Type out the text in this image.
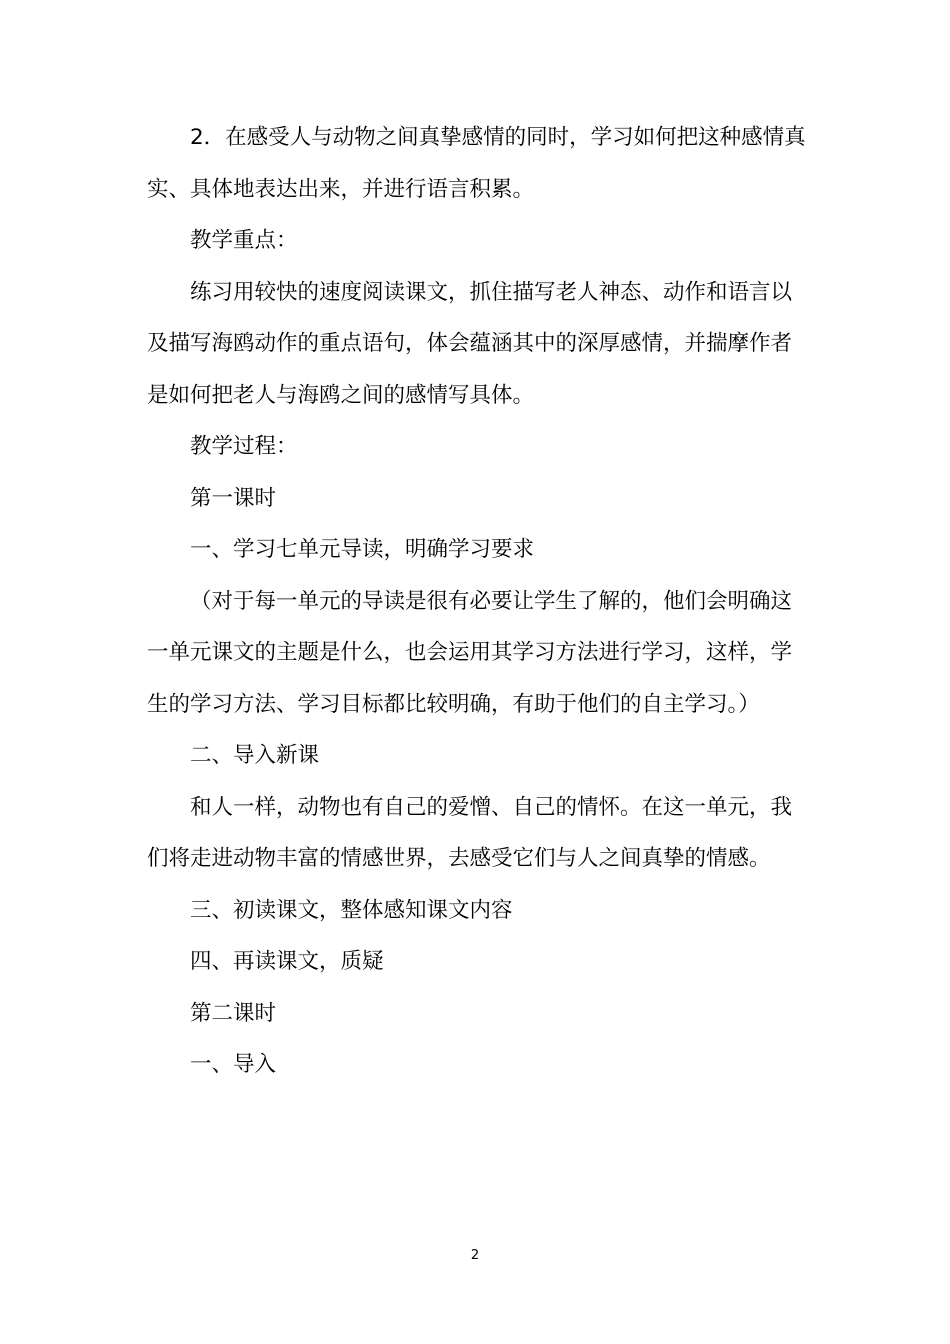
2．在感受人与动物之间真挚感情的同时，学习如何把这种感情真实、具体地表达出来，并进行语言积累。

教学重点：

练习用较快的速度阅读课文，抓住描写老人神态、动作和语言以及描写海鸥动作的重点语句，体会蕴涵其中的深厚感情，并揣摩作者是如何把老人与海鸥之间的感情写具体。

教学过程：

第一课时

一、学习七单元导读，明确学习要求

（对于每一单元的导读是很有必要让学生了解的，他们会明确这一单元课文的主题是什么，也会运用其学习方法进行学习，这样，学生的学习方法、学习目标都比较明确，有助于他们的自主学习。）

二、导入新课

和人一样，动物也有自己的爱憎、自己的情怀。在这一单元，我们将走进动物丰富的情感世界，去感受它们与人之间真挚的情感。

三、初读课文，整体感知课文内容

四、再读课文，质疑

第二课时

一、导入

2
